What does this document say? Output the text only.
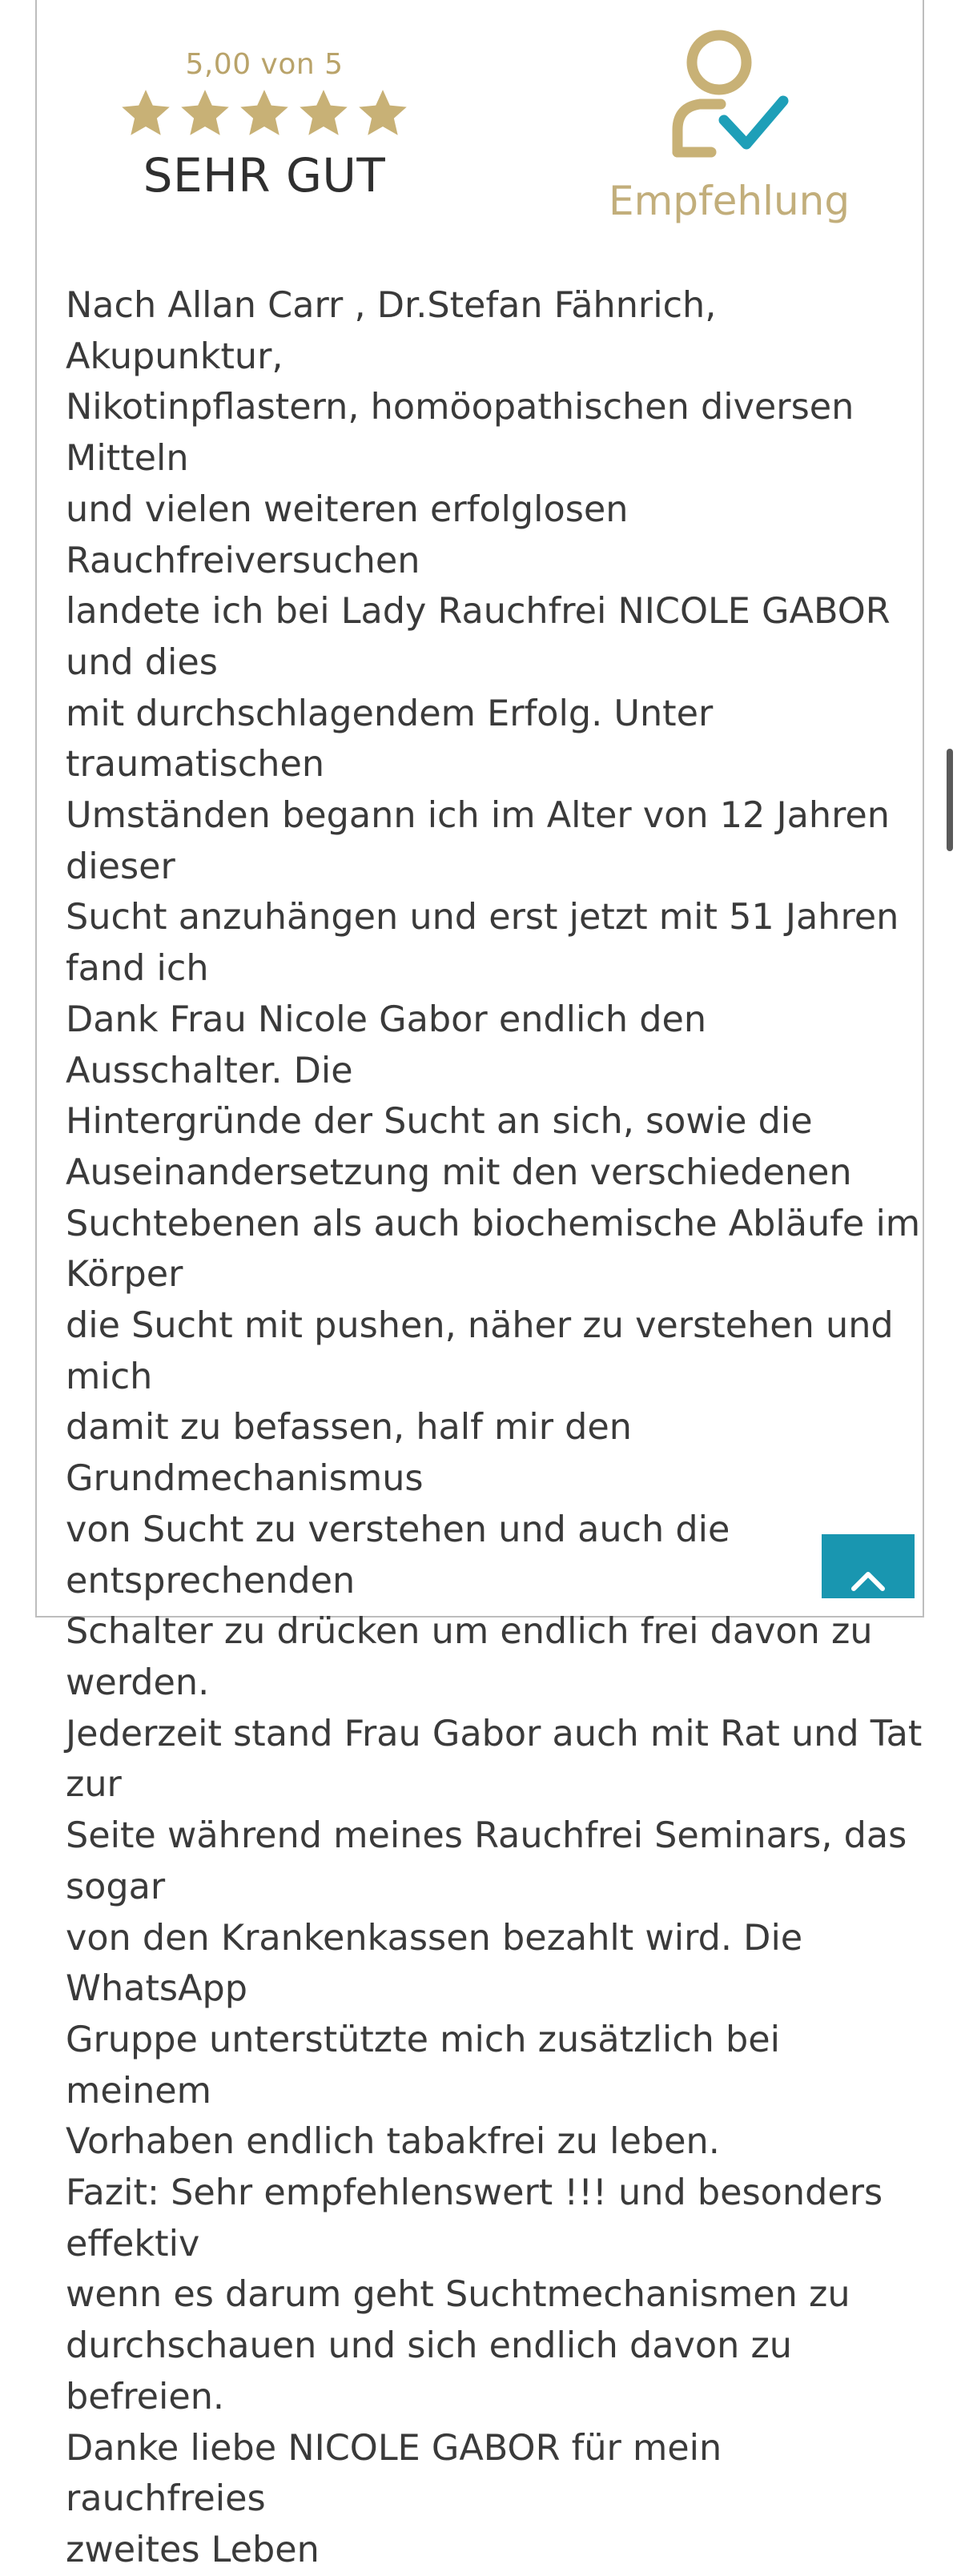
5,00 von 5
SEHR GUT	Empfehlung

Nach Allan Carr , Dr.Stefan Fähnrich, Akupunktur,
Nikotinpflastern, homöopathischen diversen Mitteln
und vielen weiteren erfolglosen Rauchfreiversuchen
landete ich bei Lady Rauchfrei NICOLE GABOR und dies
mit durchschlagendem Erfolg. Unter traumatischen
Umständen begann ich im Alter von 12 Jahren dieser
Sucht anzuhängen und erst jetzt mit 51 Jahren fand ich
Dank Frau Nicole Gabor endlich den Ausschalter. Die
Hintergründe der Sucht an sich, sowie die
Auseinandersetzung mit den verschiedenen
Suchtebenen als auch biochemische Abläufe im Körper
die Sucht mit pushen, näher zu verstehen und mich
damit zu befassen, half mir den Grundmechanismus
von Sucht zu verstehen und auch die entsprechenden
Schalter zu drücken um endlich frei davon zu werden.
Jederzeit stand Frau Gabor auch mit Rat und Tat zur
Seite während meines Rauchfrei Seminars, das sogar
von den Krankenkassen bezahlt wird. Die WhatsApp
Gruppe unterstützte mich zusätzlich bei meinem
Vorhaben endlich tabakfrei zu leben.
Fazit: Sehr empfehlenswert !!! und besonders effektiv
wenn es darum geht Suchtmechanismen zu
durchschauen und sich endlich davon zu befreien.
Danke liebe NICOLE GABOR für mein rauchfreies
zweites Leben
